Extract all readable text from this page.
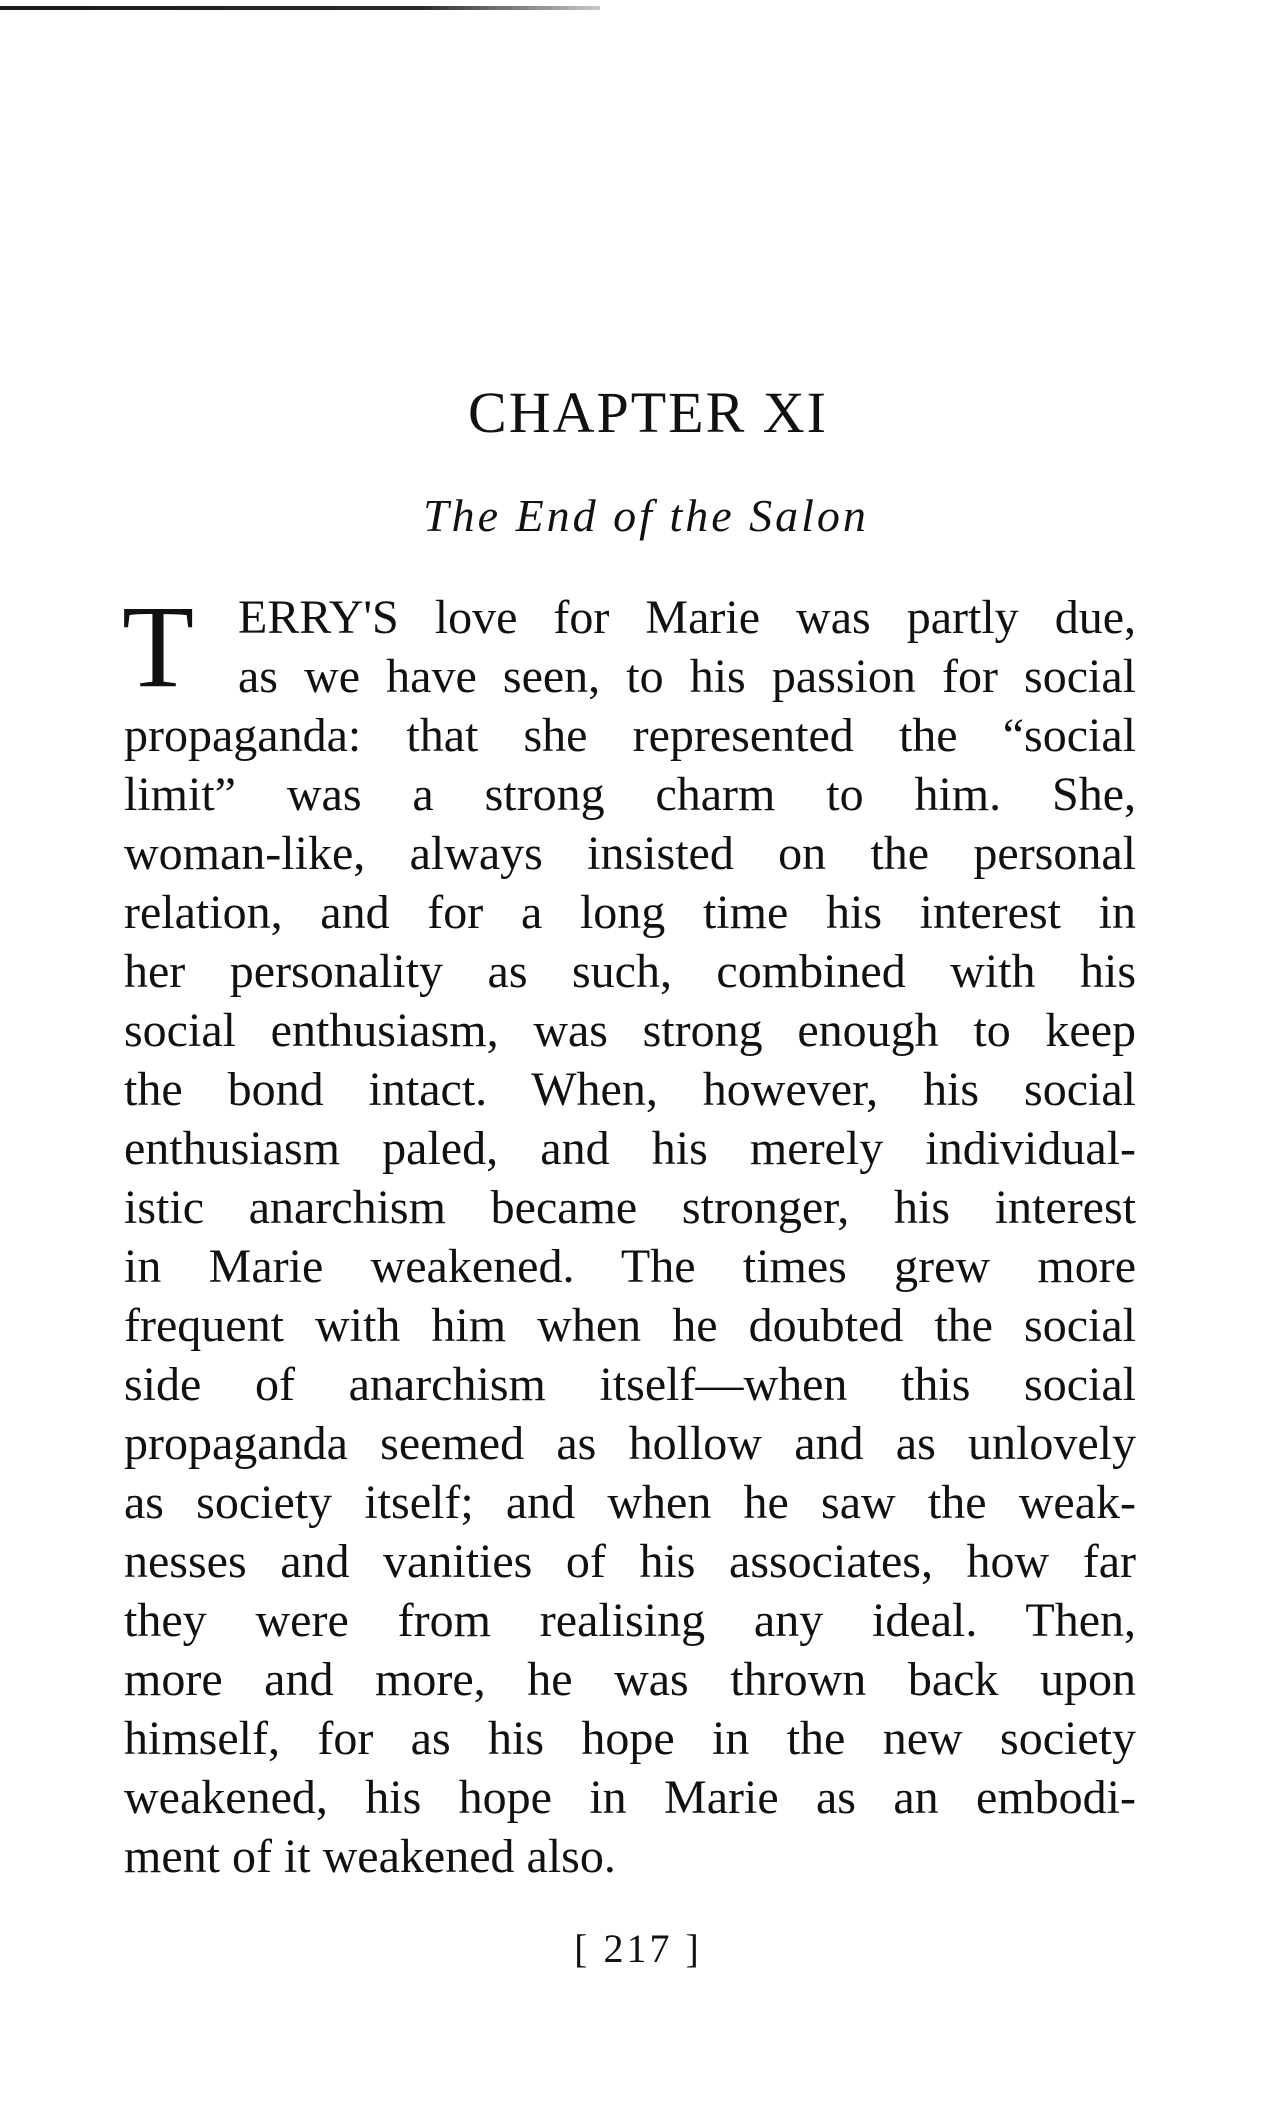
CHAPTER XI
The End of the Salon
T ERRY'S love for Marie was partly due,
as we have seen, to his passion for social
propaganda: that she represented the “social
limit” was a strong charm to him. She,
woman-like, always insisted on the personal
relation, and for a long time his interest in
her personality as such, combined with his
social enthusiasm, was strong enough to keep
the bond intact. When, however, his social
enthusiasm paled, and his merely individual-
istic anarchism became stronger, his interest
in Marie weakened. The times grew more
frequent with him when he doubted the social
side of anarchism itself—when this social
propaganda seemed as hollow and as unlovely
as society itself; and when he saw the weak-
nesses and vanities of his associates, how far
they were from realising any ideal. Then,
more and more, he was thrown back upon
himself, for as his hope in the new society
weakened, his hope in Marie as an embodi-
ment of it weakened also.
[ 217 ]
